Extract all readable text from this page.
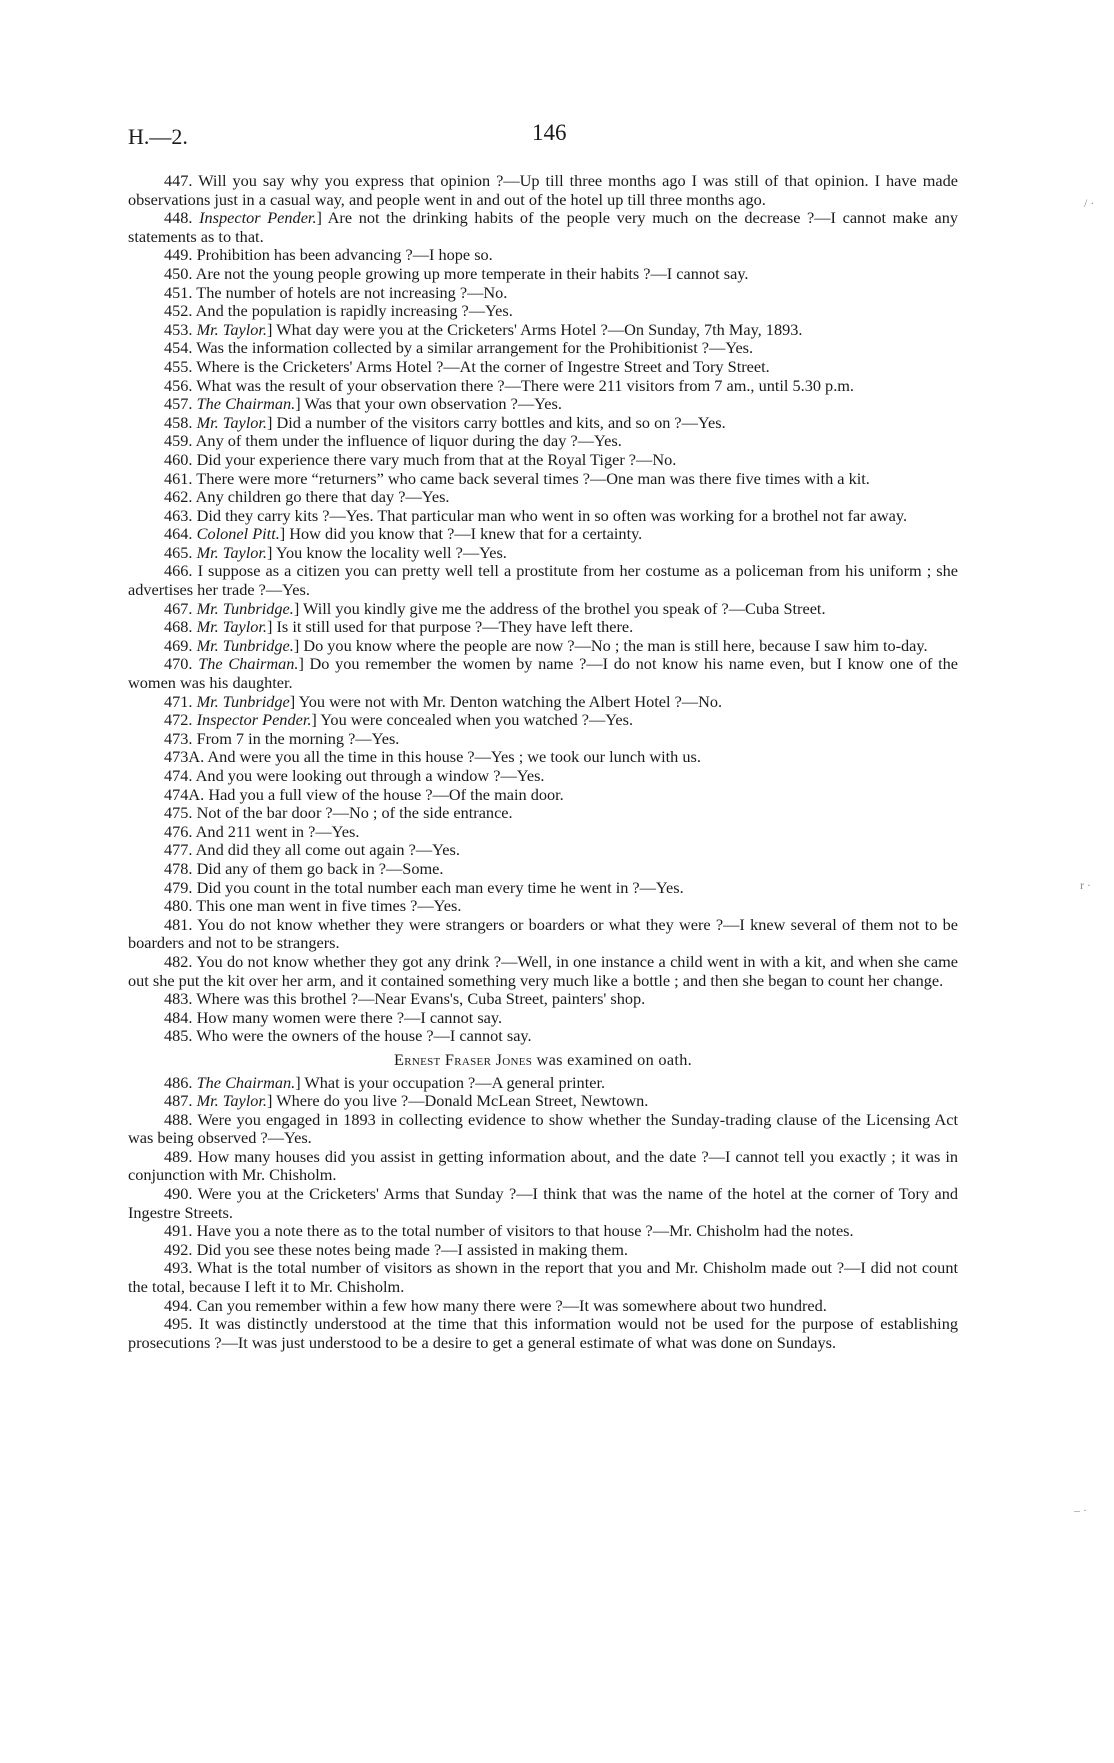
H.—2.	146

447. Will you say why you express that opinion ?—Up till three months ago I was still of that opinion. I have made observations just in a casual way, and people went in and out of the hotel up till three months ago.

448. Inspector Pender.] Are not the drinking habits of the people very much on the decrease ?—I cannot make any statements as to that.

449. Prohibition has been advancing ?—I hope so.

450. Are not the young people growing up more temperate in their habits ?—I cannot say.

451. The number of hotels are not increasing ?—No.

452. And the population is rapidly increasing ?—Yes.

453. Mr. Taylor.] What day were you at the Cricketers' Arms Hotel ?—On Sunday, 7th May, 1893.

454. Was the information collected by a similar arrangement for the Prohibitionist ?—Yes.

455. Where is the Cricketers' Arms Hotel ?—At the corner of Ingestre Street and Tory Street.

456. What was the result of your observation there ?—There were 211 visitors from 7 am., until 5.30 p.m.

457. The Chairman.] Was that your own observation ?—Yes.

458. Mr. Taylor.] Did a number of the visitors carry bottles and kits, and so on ?—Yes.

459. Any of them under the influence of liquor during the day ?—Yes.

460. Did your experience there vary much from that at the Royal Tiger ?—No.

461. There were more “returners” who came back several times ?—One man was there five times with a kit.

462. Any children go there that day ?—Yes.

463. Did they carry kits ?—Yes. That particular man who went in so often was working for a brothel not far away.

464. Colonel Pitt.] How did you know that ?—I knew that for a certainty.

465. Mr. Taylor.] You know the locality well ?—Yes.

466. I suppose as a citizen you can pretty well tell a prostitute from her costume as a policeman from his uniform ; she advertises her trade ?—Yes.

467. Mr. Tunbridge.] Will you kindly give me the address of the brothel you speak of ?—Cuba Street.

468. Mr. Taylor.] Is it still used for that purpose ?—They have left there.

469. Mr. Tunbridge.] Do you know where the people are now ?—No ; the man is still here, because I saw him to-day.

470. The Chairman.] Do you remember the women by name ?—I do not know his name even, but I know one of the women was his daughter.

471. Mr. Tunbridge] You were not with Mr. Denton watching the Albert Hotel ?—No.

472. Inspector Pender.] You were concealed when you watched ?—Yes.

473. From 7 in the morning ?—Yes.

473A. And were you all the time in this house ?—Yes ; we took our lunch with us.

474. And you were looking out through a window ?—Yes.

474A. Had you a full view of the house ?—Of the main door.

475. Not of the bar door ?—No ; of the side entrance.

476. And 211 went in ?—Yes.

477. And did they all come out again ?—Yes.

478. Did any of them go back in ?—Some.

479. Did you count in the total number each man every time he went in ?—Yes.

480. This one man went in five times ?—Yes.

481. You do not know whether they were strangers or boarders or what they were ?—I knew several of them not to be boarders and not to be strangers.

482. You do not know whether they got any drink ?—Well, in one instance a child went in with a kit, and when she came out she put the kit over her arm, and it contained something very much like a bottle ; and then she began to count her change.

483. Where was this brothel ?—Near Evans's, Cuba Street, painters' shop.

484. How many women were there ?—I cannot say.

485. Who were the owners of the house ?—I cannot say.

Ernest Fraser Jones was examined on oath.

486. The Chairman.] What is your occupation ?—A general printer.

487. Mr. Taylor.] Where do you live ?—Donald McLean Street, Newtown.

488. Were you engaged in 1893 in collecting evidence to show whether the Sunday-trading clause of the Licensing Act was being observed ?—Yes.

489. How many houses did you assist in getting information about, and the date ?—I cannot tell you exactly ; it was in conjunction with Mr. Chisholm.

490. Were you at the Cricketers' Arms that Sunday ?—I think that was the name of the hotel at the corner of Tory and Ingestre Streets.

491. Have you a note there as to the total number of visitors to that house ?—Mr. Chisholm had the notes.

492. Did you see these notes being made ?—I assisted in making them.

493. What is the total number of visitors as shown in the report that you and Mr. Chisholm made out ?—I did not count the total, because I left it to Mr. Chisholm.

494. Can you remember within a few how many there were ?—It was somewhere about two hundred.

495. It was distinctly understood at the time that this information would not be used for the purpose of establishing prosecutions ?—It was just understood to be a desire to get a general estimate of what was done on Sundays.

/ ·
r ·
– ·
